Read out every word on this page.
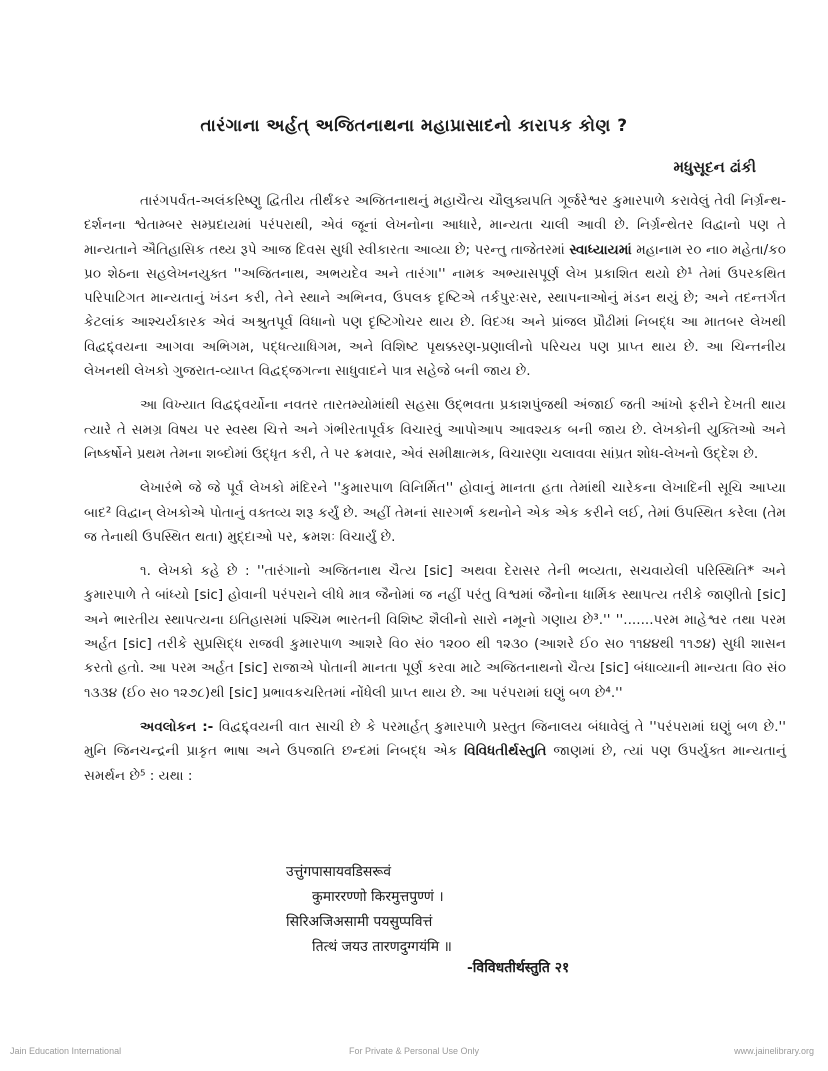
તારંગાના અર્હત્ અજિતનાથના મહાપ્રાસાદનો કારાપક કોણ ?
મધુસૂદન ઢાંકી

તારંગપર્વત-અલંકરિષ્ણુ દ્વિતીય તીર્થંકર અજિતનાથનું મહાચૈત્ય ચૌલુક્યપતિ ગૂર્જરેશ્વર કુમારપાળે કરાવેલું તેવી નિર્ગ્રન્થ-દર્શનના શ્વેતામ્બર સમ્પ્રદાયમાં પરંપરાથી, એવં જૂનાં લેખનોના આધારે, માન્યતા ચાલી આવી છે. નિર્ગ્રન્થેતર વિદ્વાનો પણ તે માન્યતાને ઐતિહાસિક તથ્ય રૂપે આજ દિવસ સુધી સ્વીકારતા આવ્યા છે; પરન્તુ તાજેતરમાં સ્વાધ્યાયમાં મહાનામ ર૦ ના૦ મહેતા/ક૦ પ્ર૦ શેઠના સહલેખનયુક્ત ''અજિતનાથ, અભયદેવ અને તારંગા'' નામક અભ્યાસપૂર્ણ લેખ પ્રકાશિત થયો છે¹ તેમાં ઉપરકથિત પરિપાટિગત માન્યતાનું ખંડન કરી, તેને સ્થાને અભિનવ, ઉપલક દૃષ્ટિએ તર્કપુરઃસર, સ્થાપનાઓનું મંડન થયું છે; અને તદન્તર્ગત કેટલાંક આશ્ચર્યકારક એવં અશ્રુતપૂર્વ વિધાનો પણ દૃષ્ટિગોચર થાય છે. વિદગ્ધ અને પ્રાંજલ પ્રૌઢીમાં નિબદ્ધ આ માતબર લેખથી વિદ્વદ્દ્વયના આગવા અભિગમ, પદ્ધત્યાધિગમ, અને વિશિષ્ટ પૃથક્કરણ-પ્રણાલીનો પરિચય પણ પ્રાપ્ત થાય છે. આ ચિન્તનીય લેખનથી લેખકો ગુજરાત-વ્યાપ્ત વિદ્વદ્જગત્ના સાધુવાદને પાત્ર સહેજે બની જાય છે.

આ વિખ્યાત વિદ્વદ્દ્વર્યોના નવતર તારતમ્યોમાંથી સહસા ઉદ્ભવતા પ્રકાશપુંજથી અંજાઈ જતી આંખો ફરીને દેખતી થાય ત્યારે તે સમગ્ર વિષય પર સ્વસ્થ ચિત્તે અને ગંભીરતાપૂર્વક વિચારવું આપોઆપ આવશ્યક બની જાય છે. લેખકોની યુક્તિઓ અને નિષ્કર્ષોને પ્રથમ તેમના શબ્દોમાં ઉદ્ધૃત કરી, તે પર ક્રમવાર, એવં સમીક્ષાત્મક, વિચારણા ચલાવવા સાંપ્રત શોધ-લેખનો ઉદ્દેશ છે.

લેખારંભે જે જે પૂર્વ લેખકો મંદિરને ''કુમારપાળ વિનિર્મિત'' હોવાનું માનતા હતા તેમાંથી ચારેકના લેખાદિની સૂચિ આપ્યા બાદ² વિદ્વાન્ લેખકોએ પોતાનું વક્તવ્ય શરૂ કર્યું છે. અહીં તેમનાં સારગર્ભ કથનોને એક એક કરીને લઈ, તેમાં ઉપસ્થિત કરેલા (તેમ જ તેનાથી ઉપસ્થિત થતા) મુદ્દાઓ પર, ક્રમશઃ વિચાર્યું છે.

૧. લેખકો કહે છે : ''તારંગાનો અજિતનાથ ચૈત્ય [sic] અથવા દેરાસર તેની ભવ્યતા, સચવાયેલી પરિસ્થિતિ* અને કુમારપાળે તે બાંધ્યો [sic] હોવાની પરંપરાને લીધે માત્ર જૈનોમાં જ નહીં પરંતુ વિશ્વમાં જૈનોના ધાર્મિક સ્થાપત્ય તરીકે જાણીતો [sic] અને ભારતીય સ્થાપત્યના ઇતિહાસમાં પશ્ચિમ ભારતની વિશિષ્ટ શૈલીનો સારો નમૂનો ગણાય છે³.'' ''.......પરમ માહેશ્વર તથા પરમ અર્હત [sic] તરીકે સુપ્રસિદ્ધ રાજવી કુમારપાળ આશરે વિ૦ સં૦ ૧૨૦૦ થી ૧૨૩૦ (આશરે ઈ૦ સ૦ ૧૧૪૪થી ૧૧૭૪) સુધી શાસન કરતો હતો. આ પરમ અર્હત [sic] રાજાએ પોતાની માનતા પૂર્ણ કરવા માટે અજિતનાથનો ચૈત્ય [sic] બંધાવ્યાની માન્યતા વિ૦ સં૦ ૧૩૩૪ (ઈ૦ સ૦ ૧૨૭૮)થી [sic] પ્રભાવકચરિતમાં નોંધેલી પ્રાપ્ત થાય છે. આ પરંપરામાં ઘણું બળ છે⁴.''

અવલોકન :- વિદ્વદ્દ્વયની વાત સાચી છે કે પરમાર્હત્ કુમારપાળે પ્રસ્તુત જિનાલય બંધાવેલું તે ''પરંપરામાં ઘણું બળ છે.'' મુનિ જિનચન્દ્રની પ્રાકૃત ભાષા અને ઉપજાતિ છન્દમાં નિબદ્ધ એક વિવિધતીર્થસ્તુતિ જાણમાં છે, ત્યાં પણ ઉપર્યુક્ત માન્યતાનું સમર્થન છે⁵ : યથા :

उत्तुंगपासायवडिसरूवं
कुमाररण्णो किरमुत्तपुण्णं ।
सिरिअजिअसामी पयसुप्पवित्तं
तित्थं जयउ तारणदुग्गयंमि ॥
-विविधतीर्थस्तुति २१
Jain Education International	For Private & Personal Use Only	www.jainelibrary.org
